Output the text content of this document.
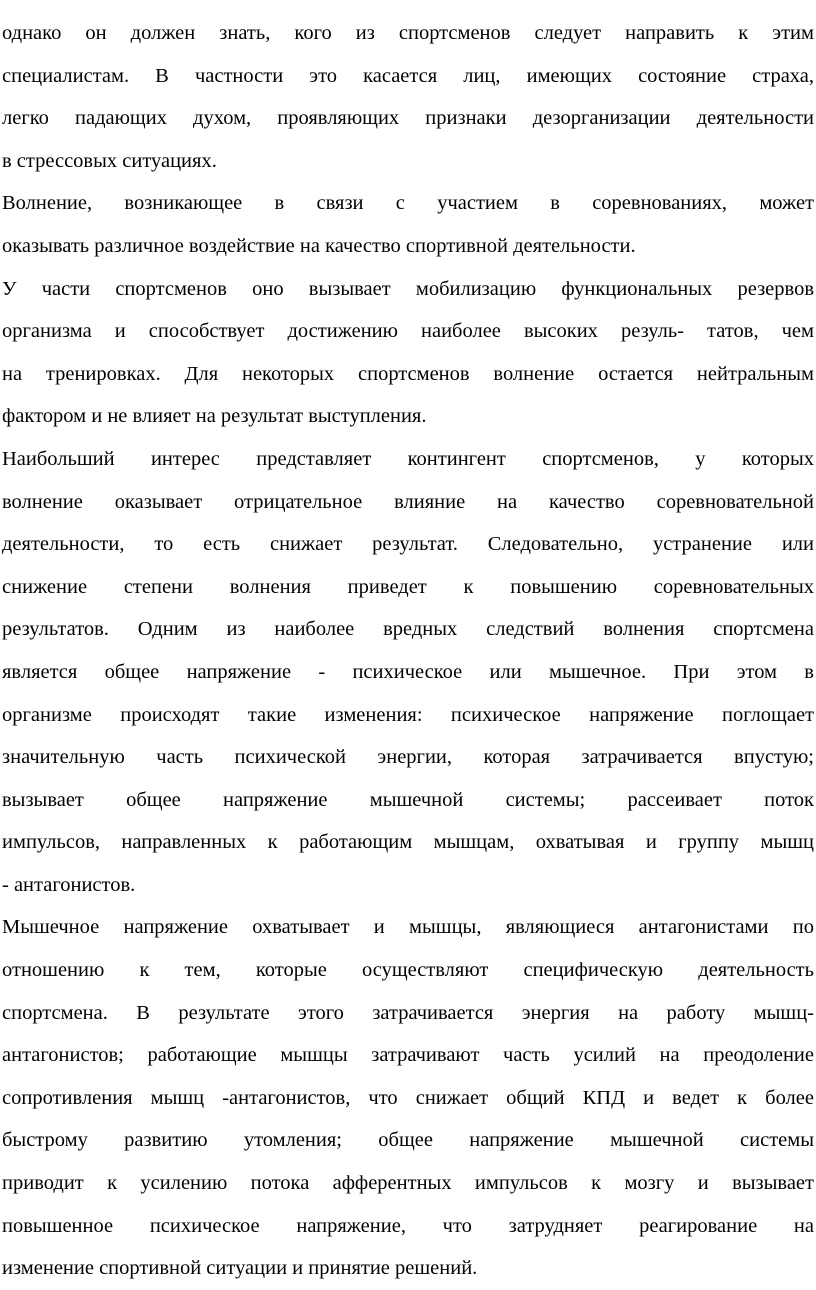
однако он должен знать, кого из спортсменов следует направить к этим
специалистам. В частности это касается лиц, имеющих состояние страха,
легко падающих духом, проявляющих признаки дезорганизации деятельности
в стрессовых ситуациях.
Волнение, возникающее в связи с участием в соревнованиях, может
оказывать различное воздействие на качество спортивной деятельности.
У части спортсменов оно вызывает мобилизацию функциональных резервов
организма и способствует достижению наиболее высоких резуль- татов, чем
на тренировках. Для некоторых спортсменов волнение остается нейтральным
фактором и не влияет на результат выступления.
Наибольший интерес представляет контингент спортсменов, у которых
волнение оказывает отрицательное влияние на качество соревновательной
деятельности, то есть снижает результат. Следовательно, устранение или
снижение степени волнения приведет к повышению соревновательных
результатов. Одним из наиболее вредных следствий волнения спортсмена
является общее напряжение - психическое или мышечное. При этом в
организме происходят такие изменения: психическое напряжение поглощает
значительную часть психической энергии, которая затрачивается впустую;
вызывает общее напряжение мышечной системы; рассеивает поток
импульсов, направленных к работающим мышцам, охватывая и группу мышц
- антагонистов.
Мышечное напряжение охватывает и мышцы, являющиеся антагонистами по
отношению к тем, которые осуществляют специфическую деятельность
спортсмена. В результате этого затрачивается энергия на работу мышц-
антагонистов; работающие мышцы затрачивают часть усилий на преодоление
сопротивления мышц -антагонистов, что снижает общий КПД и ведет к более
быстрому развитию утомления; общее напряжение мышечной системы
приводит к усилению потока афферентных импульсов к мозгу и вызывает
повышенное психическое напряжение, что затрудняет реагирование на
изменение спортивной ситуации и принятие решений.
